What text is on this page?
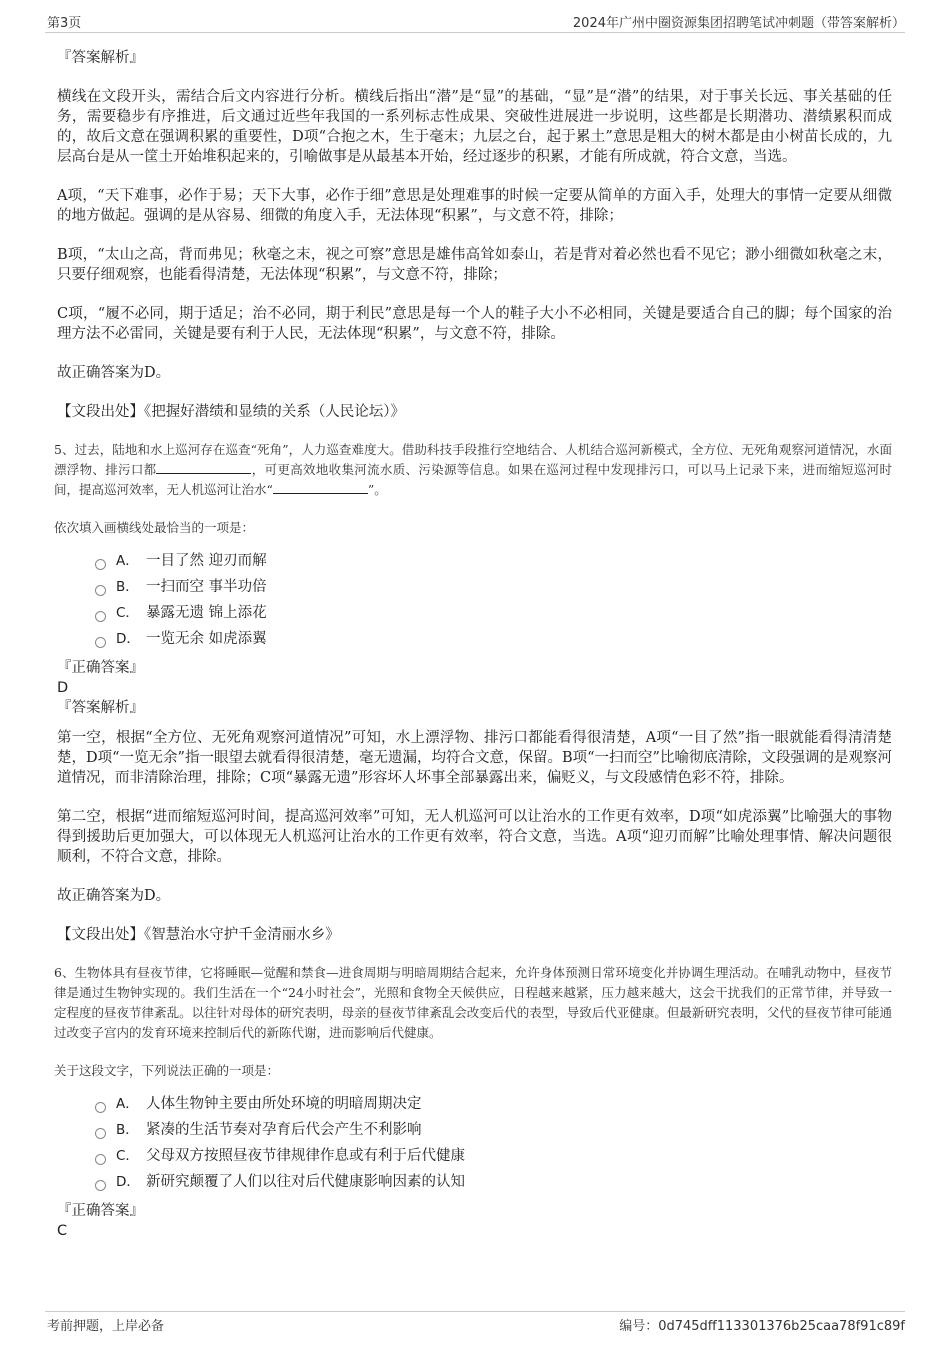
第3页	2024年广州中圈资源集团招聘笔试冲刺题（带答案解析）

『答案解析』

横线在文段开头，需结合后文内容进行分析。横线后指出“潜”是“显”的基础，“显”是“潜”的结果，对于事关长远、事关基础的任务，需要稳步有序推进，后文通过近些年我国的一系列标志性成果、突破性进展进一步说明，这些都是长期潜功、潜绩累积而成的，故后文意在强调积累的重要性，D项“合抱之木，生于毫末；九层之台，起于累土”意思是粗大的树木都是由小树苗长成的，九层高台是从一筐土开始堆积起来的，引喻做事是从最基本开始，经过逐步的积累，才能有所成就，符合文意，当选。

A项，“天下难事，必作于易；天下大事，必作于细”意思是处理难事的时候一定要从简单的方面入手，处理大的事情一定要从细微的地方做起。强调的是从容易、细微的角度入手，无法体现“积累”，与文意不符，排除；

B项，“太山之高，背而弗见；秋毫之末，视之可察”意思是雄伟高耸如泰山，若是背对着必然也看不见它；渺小细微如秋毫之末，只要仔细观察，也能看得清楚，无法体现“积累”，与文意不符，排除；

C项，“履不必同，期于适足；治不必同，期于利民”意思是每一个人的鞋子大小不必相同，关键是要适合自己的脚；每个国家的治理方法不必雷同，关键是要有利于人民，无法体现“积累”，与文意不符，排除。

故正确答案为D。

【文段出处】《把握好潜绩和显绩的关系（人民论坛）》

5、过去，陆地和水上巡河存在巡查“死角”，人力巡查难度大。借助科技手段推行空地结合、人机结合巡河新模式，全方位、无死角观察河道情况，水面漂浮物、排污口都	，可更高效地收集河流水质、污染源等信息。如果在巡河过程中发现排污口，可以马上记录下来，进而缩短巡河时间，提高巡河效率，无人机巡河让治水“	”。

依次填入画横线处最恰当的一项是：

A． 一目了然 迎刃而解
B． 一扫而空 事半功倍
C． 暴露无遗 锦上添花
D． 一览无余 如虎添翼

『正确答案』

D

『答案解析』

第一空，根据“全方位、无死角观察河道情况”可知，水上漂浮物、排污口都能看得很清楚，A项“一目了然”指一眼就能看得清清楚楚，D项“一览无余”指一眼望去就看得很清楚，毫无遗漏，均符合文意，保留。B项“一扫而空”比喻彻底清除，文段强调的是观察河道情况，而非清除治理，排除；C项“暴露无遗”形容坏人坏事全部暴露出来，偏贬义，与文段感情色彩不符，排除。

第二空，根据“进而缩短巡河时间，提高巡河效率”可知，无人机巡河可以让治水的工作更有效率，D项“如虎添翼”比喻强大的事物得到援助后更加强大，可以体现无人机巡河让治水的工作更有效率，符合文意，当选。A项“迎刃而解”比喻处理事情、解决问题很顺利，不符合文意，排除。

故正确答案为D。

【文段出处】《智慧治水守护千金清丽水乡》

6、生物体具有昼夜节律，它将睡眠—觉醒和禁食—进食周期与明暗周期结合起来，允许身体预测日常环境变化并协调生理活动。在哺乳动物中，昼夜节律是通过生物钟实现的。我们生活在一个“24小时社会”，光照和食物全天候供应，日程越来越紧，压力越来越大，这会干扰我们的正常节律，并导致一定程度的昼夜节律紊乱。以往针对母体的研究表明，母亲的昼夜节律紊乱会改变后代的表型，导致后代亚健康。但最新研究表明，父代的昼夜节律可能通过改变子宫内的发育环境来控制后代的新陈代谢，进而影响后代健康。

关于这段文字，下列说法正确的一项是：

A． 人体生物钟主要由所处环境的明暗周期决定
B． 紧凑的生活节奏对孕育后代会产生不利影响
C． 父母双方按照昼夜节律规律作息或有利于后代健康
D． 新研究颠覆了人们以往对后代健康影响因素的认知

『正确答案』

C

考前押题，上岸必备	编号：0d745dff113301376b25caa78f91c89f
